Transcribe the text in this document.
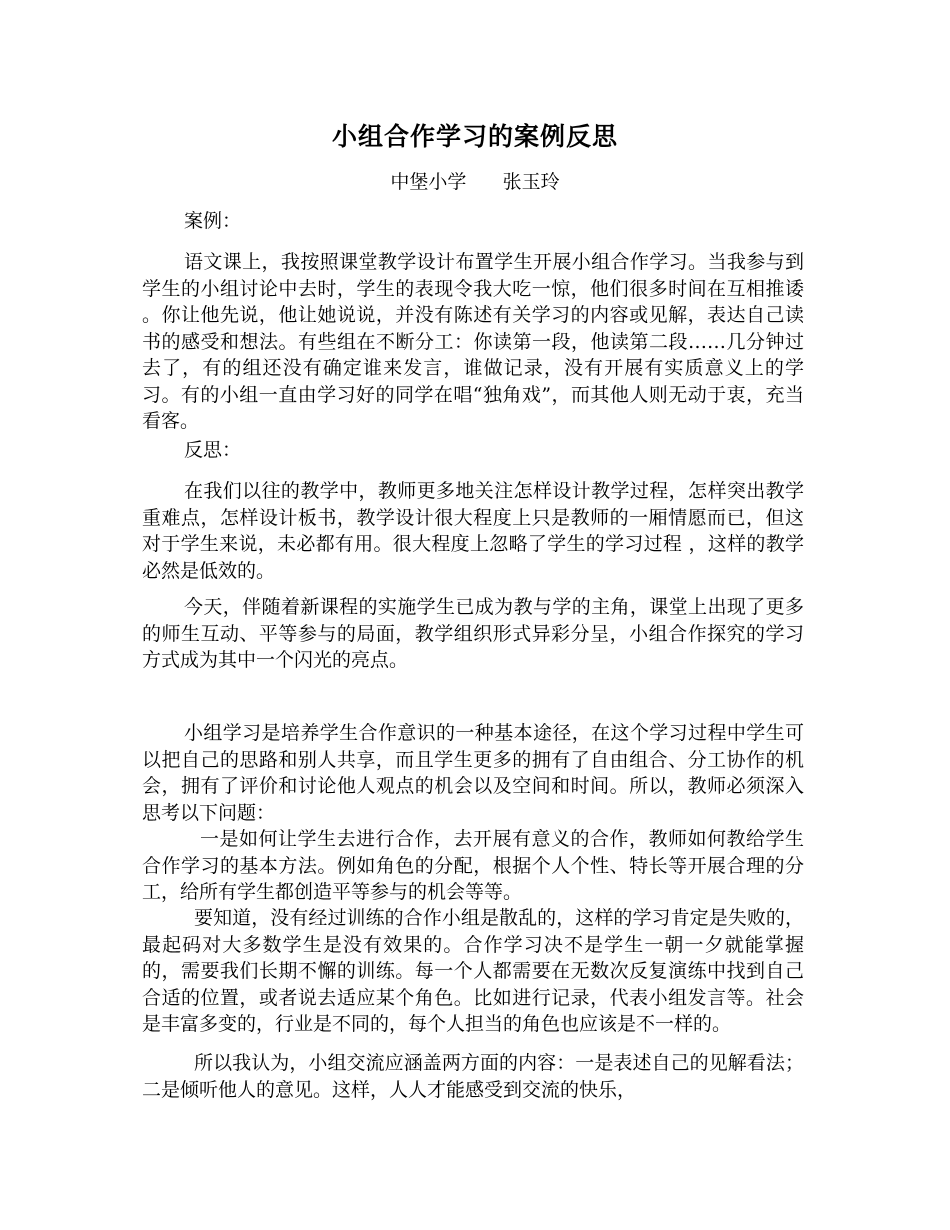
小组合作学习的案例反思
中堡小学      张玉玲

案例：

语文课上，我按照课堂教学设计布置学生开展小组合作学习。当我参与到学生的小组讨论中去时，学生的表现令我大吃一惊，他们很多时间在互相推诿 。你让他先说，他让她说说，并没有陈述有关学习的内容或见解，表达自己读书的感受和想法。有些组在不断分工：你读第一段，他读第二段……几分钟过去了，有的组还没有确定谁来发言，谁做记录，没有开展有实质意义上的学习。有的小组一直由学习好的同学在唱“独角戏”，而其他人则无动于衷，充当看客。

反思：

在我们以往的教学中，教师更多地关注怎样设计教学过程，怎样突出教学重难点，怎样设计板书，教学设计很大程度上只是教师的一厢情愿而已，但这对于学生来说，未必都有用。很大程度上忽略了学生的学习过程 ，这样的教学必然是低效的。

今天，伴随着新课程的实施学生已成为教与学的主角，课堂上出现了更多的师生互动、平等参与的局面，教学组织形式异彩分呈，小组合作探究的学习方式成为其中一个闪光的亮点。

小组学习是培养学生合作意识的一种基本途径，在这个学习过程中学生可以把自己的思路和别人共享，而且学生更多的拥有了自由组合、分工协作的机会，拥有了评价和讨论他人观点的机会以及空间和时间。所以，教师必须深入思考以下问题：

一是如何让学生去进行合作，去开展有意义的合作，教师如何教给学生合作学习的基本方法。例如角色的分配，根据个人个性、特长等开展合理的分工，给所有学生都创造平等参与的机会等等。

要知道，没有经过训练的合作小组是散乱的，这样的学习肯定是失败的，最起码对大多数学生是没有效果的。合作学习决不是学生一朝一夕就能掌握的，需要我们长期不懈的训练。每一个人都需要在无数次反复演练中找到自己合适的位置，或者说去适应某个角色。比如进行记录，代表小组发言等。社会是丰富多变的，行业是不同的，每个人担当的角色也应该是不一样的。

所以我认为，小组交流应涵盖两方面的内容：一是表述自己的见解看法；二是倾听他人的意见。这样，人人才能感受到交流的快乐，
